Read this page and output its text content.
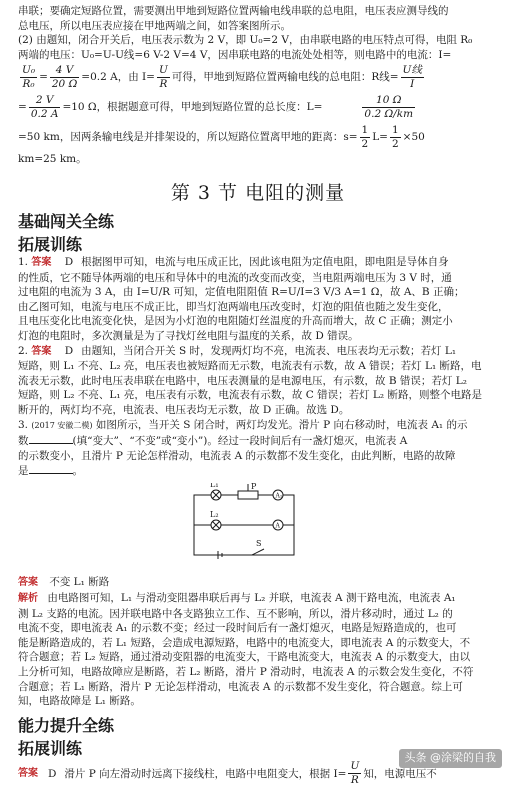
串联；要确定短路位置，需要测出甲地到短路位置两输电线串联的总电阻，电压表应测导线的

总电压，所以电压表应接在甲地两端之间，如答案图所示。

(2) 由题知，闭合开关后，电压表示数为 2 V，即 U₀=2 V，由串联电路的电压特点可得，电阻 R₀

两端的电压：U₀=U-U线=6 V-2 V=4 V，因串联电路的电流处处相等，则电路中的电流：I=

$\frac{\text{U₀}}{\text{R₀}} = \frac{4 V}{20 \Omega} =0.2$ A，由 $I= \frac{U}{R}$ 可得，甲地到短路位置两输电线的总电阻：R线= $\frac{\text{U线}}{I}$
= $\frac{2 V}{0.2 A} =10$ Ω，根据题意可得，甲地到短路位置的总长度：L=	$\frac{10 \Omega}{0.2 \Omega/km}$
=50 km，因两条输电线是并排架设的，所以短路位置离甲地的距离：$s= \frac{1}{2} L= \frac{1}{2} \times 50$

km=25 km。

第 3 节 电阻的测量
基础闯关全练
拓展训练

1. 答案 D 根据图甲可知，电流与电压成正比，因此该电阻为定值电阻，即电阻是导体自身

的性质，它不随导体两端的电压和导体中的电流的改变而改变，当电阻两端电压为 3 V 时，通

过电阻的电流为 3 A，由 I=U/R 可知，定值电阻阻值 R=U/I=3 V/3 A=1 Ω，故 A、B 正确；

由乙图可知，电流与电压不成正比，即当灯泡两端电压改变时，灯泡的阻值也随之发生变化，

且电压变化比电流变化快，是因为小灯泡的电阻随灯丝温度的升高而增大，故 C 正确；测定小

灯泡的电阻时，多次测量是为了寻找灯丝电阻与温度的关系，故 D 错误。

2. 答案 D 由题知，当闭合开关 S 时，发现两灯均不亮，电流表、电压表均无示数；若灯 L₁

短路，则 L₁ 不亮、L₂ 亮，电压表也被短路而无示数，电流表有示数，故 A 错误；若灯 L₁ 断路，电

流表无示数，此时电压表串联在电路中，电压表测量的是电源电压，有示数，故 B 错误；若灯 L₂

短路，则 L₂ 不亮、L₁ 亮，电压表有示数，电流表有示数，故 C 错误；若灯 L₂ 断路，则整个电路是

断开的，两灯均不亮，电流表、电压表均无示数，故 D 正确。故选 D。

3. (2017 安徽二模) 如图所示，当开关 S 闭合时，两灯均发光。滑片 P 向右移动时，电流表 A₁ 的示

数	(填“变大”、“不变”或“变小”)。经过一段时间后有一盏灯熄灭，电流表 A

的示数变小，且滑片 P 无论怎样滑动，电流表 A 的示数都不发生变化，由此判断，电路的故障

是	。

L₁	P
A₁
L₂
A
S

答案 不变 L₁ 断路

解析 由电路图可知，L₁ 与滑动变阻器串联后再与 L₂ 并联，电流表 A 测干路电流，电流表 A₁

测 L₂ 支路的电流。因并联电路中各支路独立工作、互不影响，所以，滑片移动时，通过 L₂ 的

电流不变，即电流表 A₁ 的示数不变；经过一段时间后有一盏灯熄灭，电路是短路造成的，也可

能是断路造成的，若 L₁ 短路，会造成电源短路，电路中的电流变大，即电流表 A 的示数变大，不

符合题意；若 L₂ 短路，通过滑动变阻器的电流变大，干路电流变大，电流表 A 的示数变大，由以

上分析可知，电路故障应是断路，若 L₂ 断路，滑片 P 滑动时，电流表 A 的示数会发生变化，不符

合题意；若 L₁ 断路，滑片 P 无论怎样滑动，电流表 A 的示数都不发生变化，符合题意。综上可

知，电路故障是 L₁ 断路。

能力提升全练
拓展训练
答案 D 滑片 P 向左滑动时远离下接线柱，电路中电阻变大，根据 $I= \frac{U}{R}$ 知，电源电压不
头条 @涂梁的自我
